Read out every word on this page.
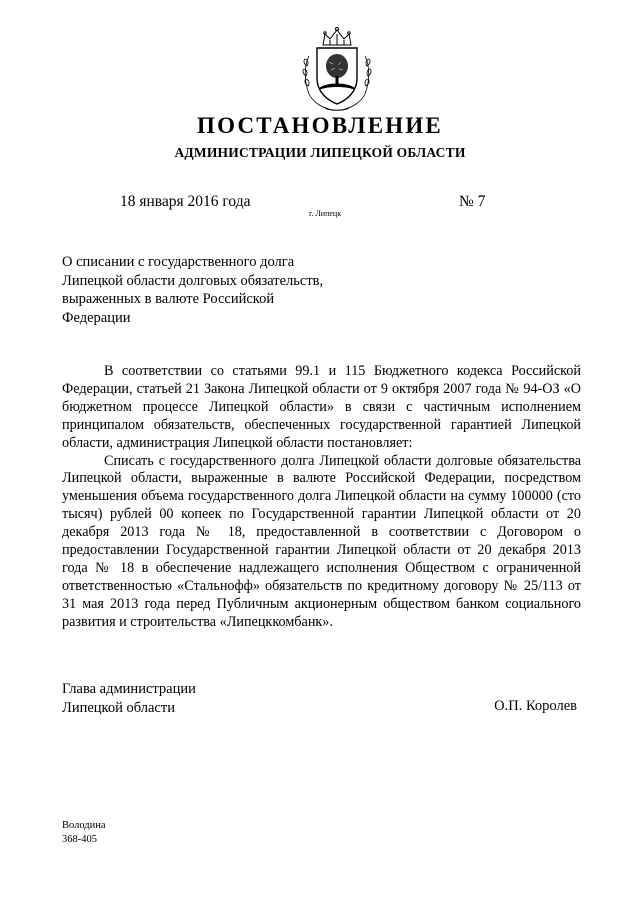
ПОСТАНОВЛЕНИЕ
АДМИНИСТРАЦИИ ЛИПЕЦКОЙ ОБЛАСТИ
18 января 2016 года
г. Липецк
№ 7
О списании с государственного долга
Липецкой области долговых обязательств,
выраженных в валюте Российской
Федерации

В соответствии со статьями 99.1 и 115 Бюджетного кодекса Российской Федерации, статьей 21 Закона Липецкой области от 9 октября 2007 года № 94-ОЗ «О бюджетном процессе Липецкой области» в связи с частичным исполнением принципалом обязательств, обеспеченных государственной гарантией Липецкой области, администрация Липецкой области постановляет:

Списать с государственного долга Липецкой области долговые обязательства Липецкой области, выраженные в валюте Российской Федерации, посредством уменьшения объема государственного долга Липецкой области на сумму 100000 (сто тысяч) рублей 00 копеек по Государственной гарантии Липецкой области от 20 декабря 2013 года № 18, предоставленной в соответствии с Договором о предоставлении Государственной гарантии Липецкой области от 20 декабря 2013 года № 18 в обеспечение надлежащего исполнения Обществом с ограниченной ответственностью «Стальнофф» обязательств по кредитному договору № 25/113 от 31 мая 2013 года перед Публичным акционерным обществом банком социального развития и строительства «Липецккомбанк».

Глава администрации
Липецкой области	О.П. Королев
Володина
368-405
